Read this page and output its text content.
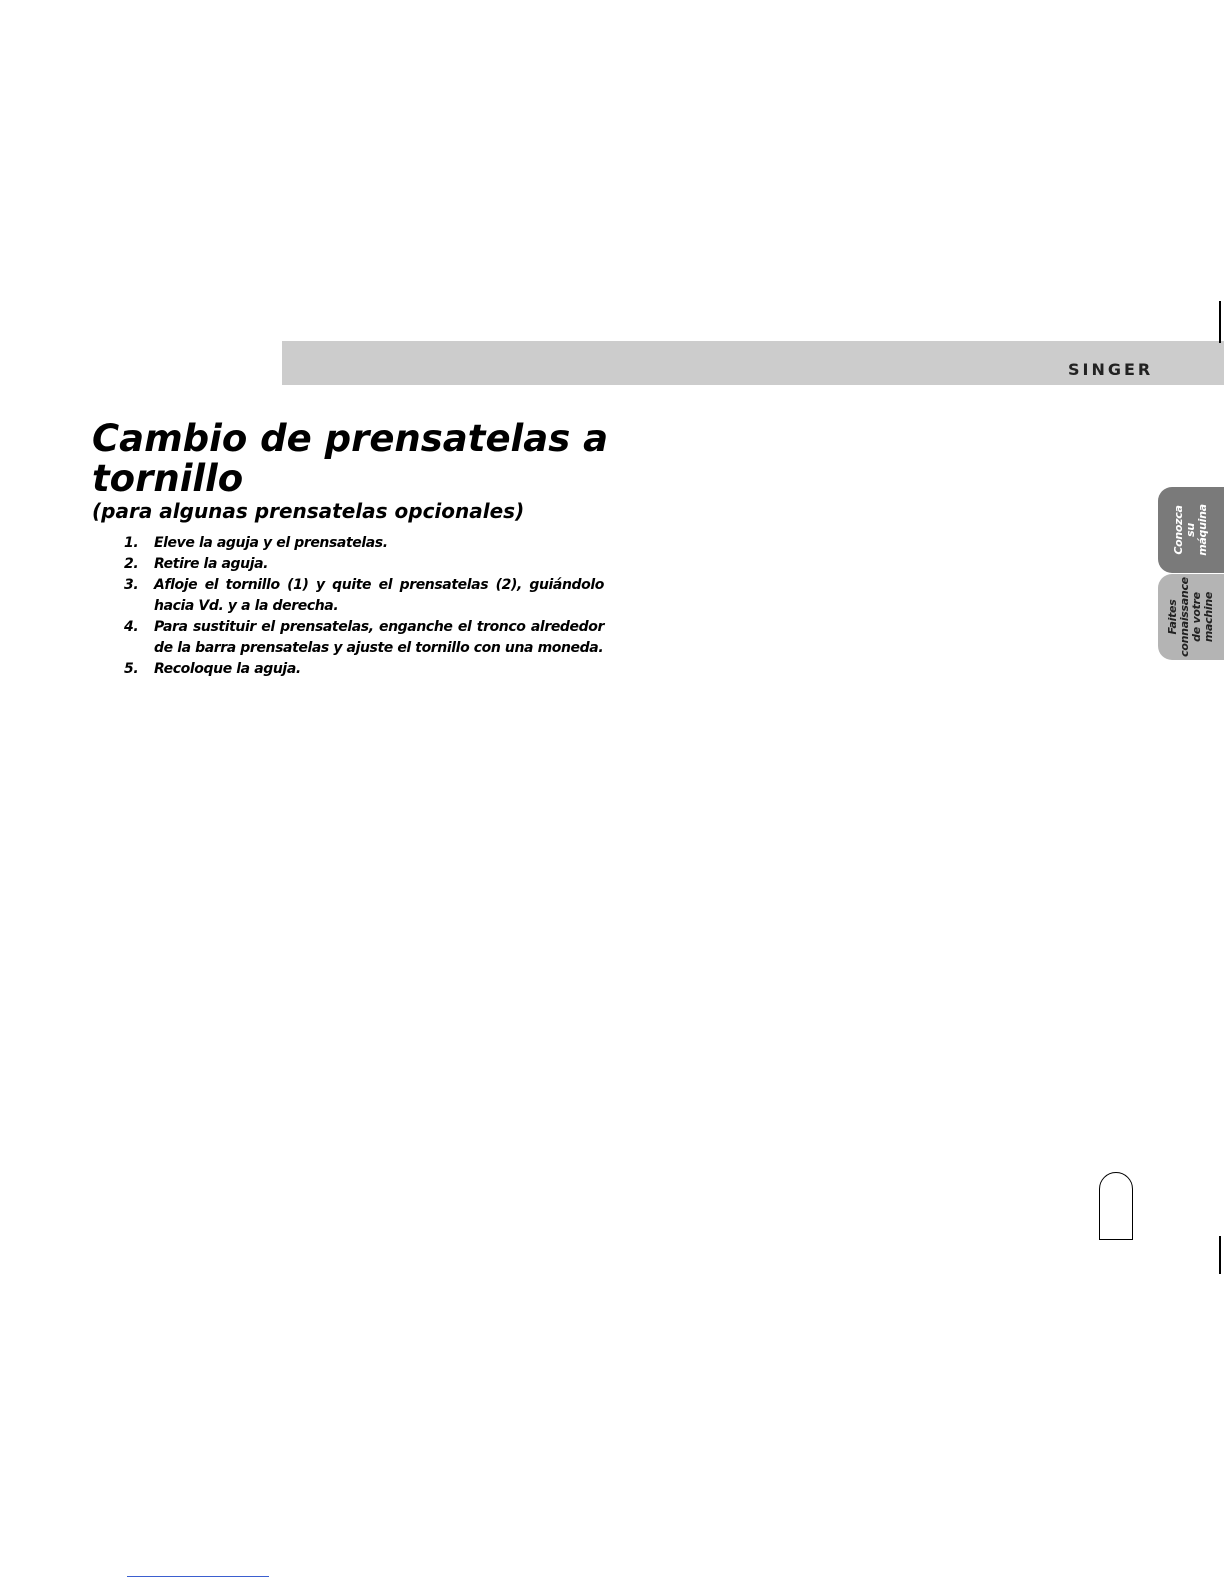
SINGER
Cambio de prensatelas a tornillo
(para algunas prensatelas opcionales)
1. Eleve la aguja y el prensatelas.
2. Retire la aguja.
3. Afloje el tornillo (1) y quite el prensatelas (2), guiándolo hacia Vd. y a la derecha.
4. Para sustituir el prensatelas, enganche el tronco alrededor de la barra prensatelas y ajuste el tornillo con una moneda.
5. Recoloque la aguja.
Conozca
su
máquina
Faites
connaissance
de votre
machine
